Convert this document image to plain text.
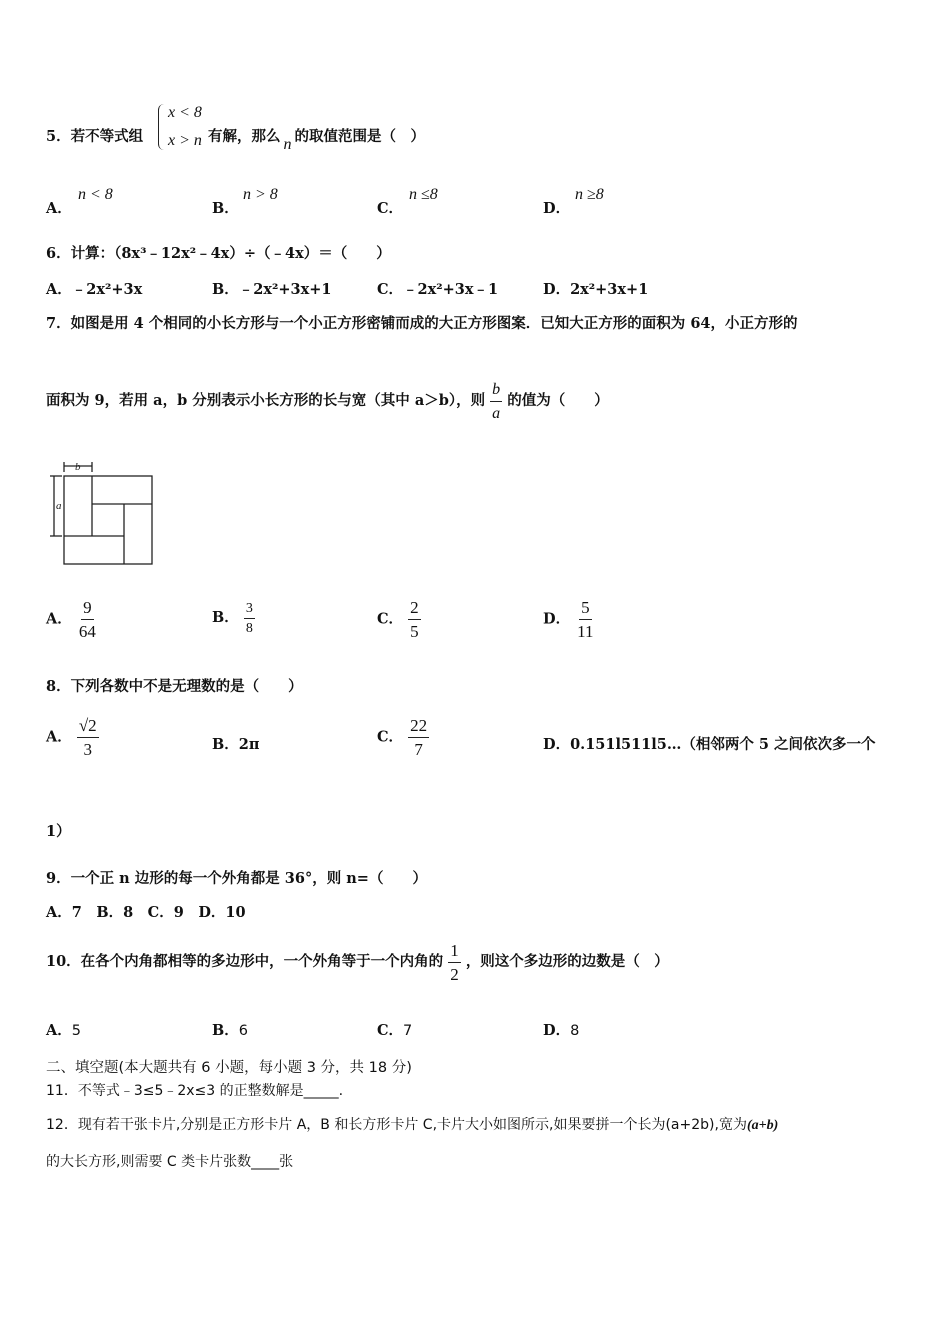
5．若不等式组
x < 8
x > n 有解，那么 n 的取值范围是（　）
A．
n < 8
B．
n > 8
C．
n ≤8
D．
n ≥8
6．计算：（8x³﹣12x²﹣4x）÷（﹣4x）＝（　　）
A．﹣2x²+3x	B．﹣2x²+3x+1	C．﹣2x²+3x﹣1	D．2x²+3x+1
7．如图是用 4 个相同的小长方形与一个小正方形密铺而成的大正方形图案．已知大正方形的面积为 64，小正方形的
面积为 9，若用 a，b 分别表示小长方形的长与宽（其中 a＞b），则 $\frac{b}{a}$ 的值为（　　）
a
b
A． $\frac{9}{64}$	B． $\frac{3}{8}$	C． $\frac{2}{5}$	D． $\frac{5}{11}$
8．下列各数中不是无理数的是（　　）
A． $\frac{√2}{3}$	B．2π	C． $\frac{22}{7}$	D．0.151l511l5…（相邻两个 5 之间依次多一个
1）
9．一个正 n 边形的每一个外角都是 36°，则 n=（　　）
A．7　B．8　C．9　D．10
10．在各个内角都相等的多边形中，一个外角等于一个内角的 $\frac{1}{2}$ ，则这个多边形的边数是（　）
A．5	B．6	C．7	D．8
二、填空题(本大题共有 6 小题，每小题 3 分，共 18 分)
11．不等式﹣3≤5﹣2x≤3 的正整数解是_____.
12．现有若干张卡片,分别是正方形卡片 A，B 和长方形卡片 C,卡片大小如图所示,如果要拼一个长为(a+2b),宽为(a+b)
的大长方形,则需要 C 类卡片张数____张
